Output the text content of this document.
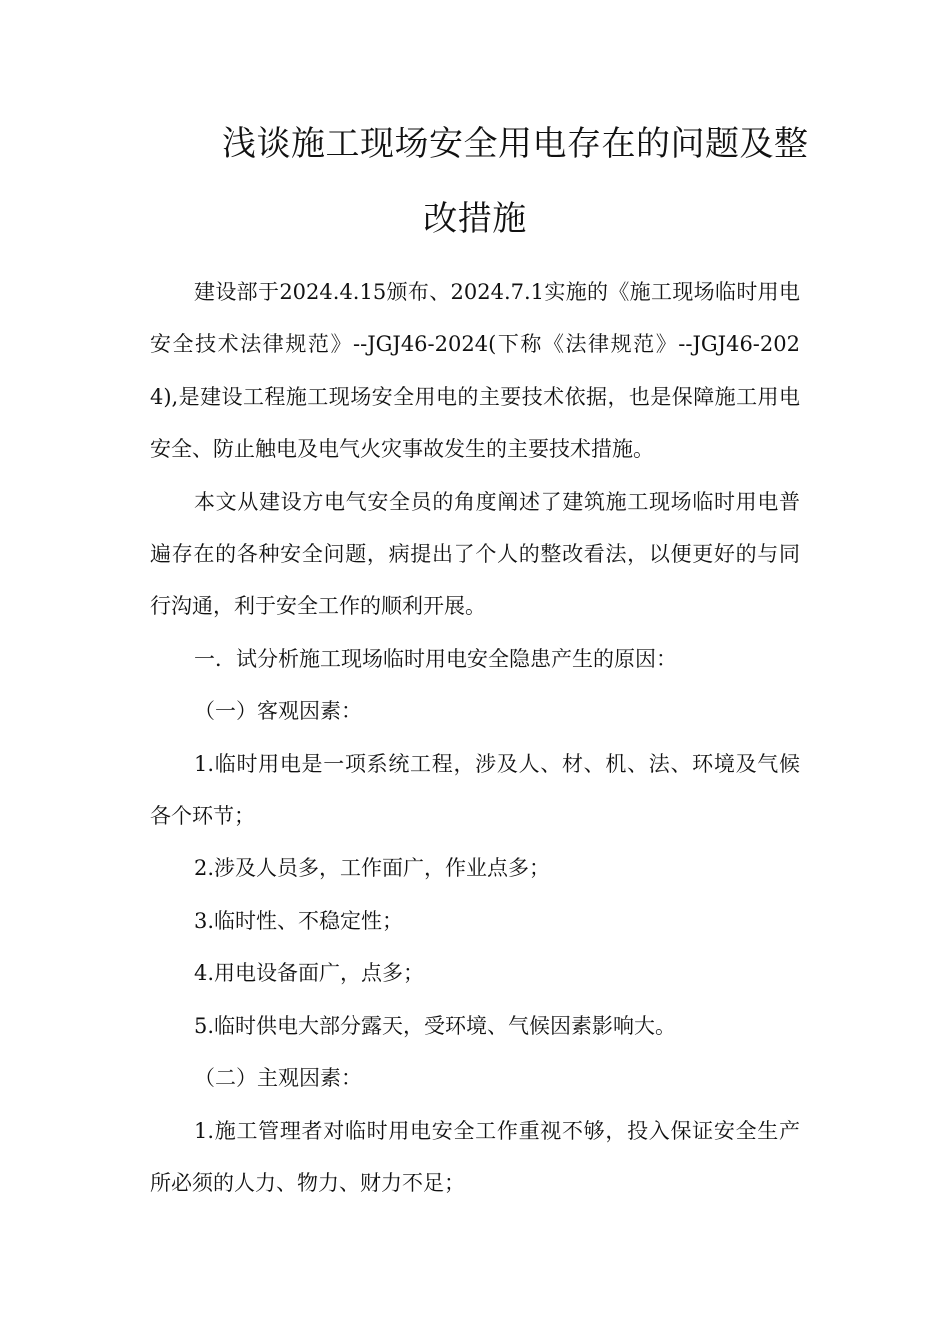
浅谈施工现场安全用电存在的问题及整
改措施

建设部于2024.4.15颁布、2024.7.1实施的《施工现场临时用电安全技术法律规范》--JGJ46-2024(下称《法律规范》--JGJ46-2024),是建设工程施工现场安全用电的主要技术依据，也是保障施工用电安全、防止触电及电气火灾事故发生的主要技术措施。

本文从建设方电气安全员的角度阐述了建筑施工现场临时用电普遍存在的各种安全问题，病提出了个人的整改看法，以便更好的与同行沟通，利于安全工作的顺利开展。

一．试分析施工现场临时用电安全隐患产生的原因：

（一）客观因素：

1.临时用电是一项系统工程，涉及人、材、机、法、环境及气候各个环节；

2.涉及人员多，工作面广，作业点多；

3.临时性、不稳定性；

4.用电设备面广，点多；

5.临时供电大部分露天，受环境、气候因素影响大。

（二）主观因素：

1.施工管理者对临时用电安全工作重视不够，投入保证安全生产所必须的人力、物力、财力不足；
